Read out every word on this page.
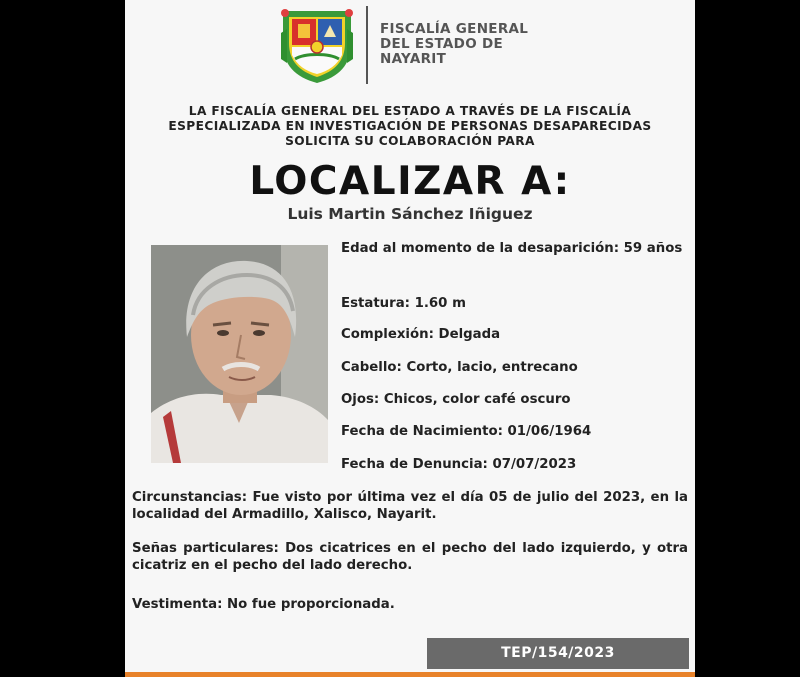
FISCALÍA GENERAL
DEL ESTADO DE
NAYARIT
LA FISCALÍA GENERAL DEL ESTADO A TRAVÉS DE LA FISCALÍA
ESPECIALIZADA EN INVESTIGACIÓN DE PERSONAS DESAPARECIDAS
SOLICITA SU COLABORACIÓN PARA
LOCALIZAR A:
Luis Martin Sánchez Iñiguez
Edad al momento de la desaparición: 59 años
Estatura: 1.60 m
Complexión: Delgada
Cabello: Corto, lacio, entrecano
Ojos: Chicos, color café oscuro
Fecha de Nacimiento: 01/06/1964
Fecha de Denuncia: 07/07/2023
Circunstancias: Fue visto por última vez el día 05 de julio del 2023, en la localidad del Armadillo, Xalisco, Nayarit.
Señas particulares: Dos cicatrices en el pecho del lado izquierdo, y otra cicatriz en el pecho del lado derecho.
Vestimenta: No fue proporcionada.
TEP/154/2023
